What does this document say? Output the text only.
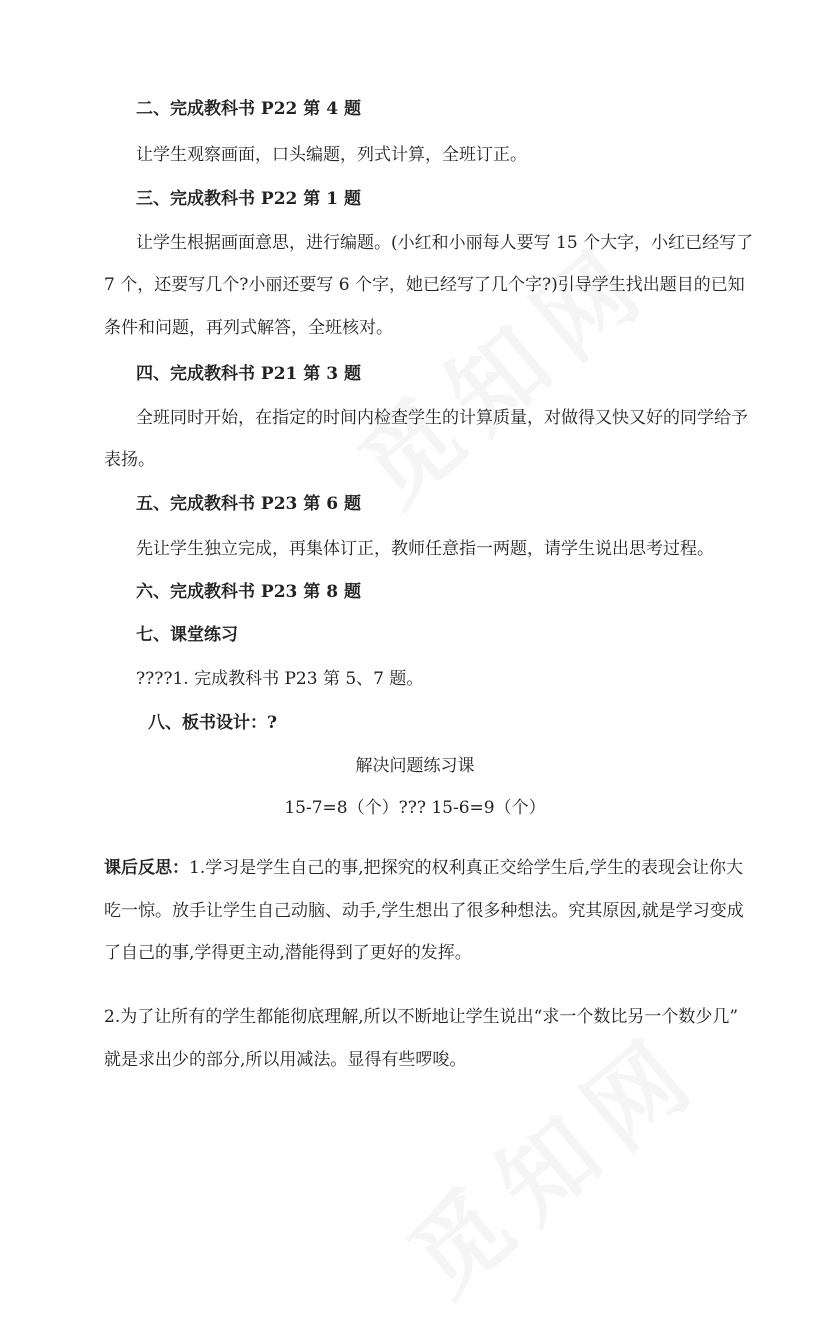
二、完成教科书 P22 第 4 题
让学生观察画面，口头编题，列式计算，全班订正。
三、完成教科书 P22 第 1 题
让学生根据画面意思，进行编题。(小红和小丽每人要写 15 个大字，小红已经写了
7 个，还要写几个?小丽还要写 6 个字，她已经写了几个字?)引导学生找出题目的已知
条件和问题，再列式解答，全班核对。
四、完成教科书 P21 第 3 题
全班同时开始，在指定的时间内检查学生的计算质量，对做得又快又好的同学给予
表扬。
五、完成教科书 P23 第 6 题
先让学生独立完成，再集体订正，教师任意指一两题，请学生说出思考过程。
六、完成教科书 P23 第 8 题
七、课堂练习
????1. 完成教科书 P23 第 5、7 题。
八、板书设计：?
解决问题练习课
15-7=8（个）??? 15-6=9（个）
课后反思：1.学习是学生自己的事,把探究的权利真正交给学生后,学生的表现会让你大
吃一惊。放手让学生自己动脑、动手,学生想出了很多种想法。究其原因,就是学习变成
了自己的事,学得更主动,潜能得到了更好的发挥。
2.为了让所有的学生都能彻底理解,所以不断地让学生说出“求一个数比另一个数少几”
就是求出少的部分,所以用减法。显得有些啰唆。
